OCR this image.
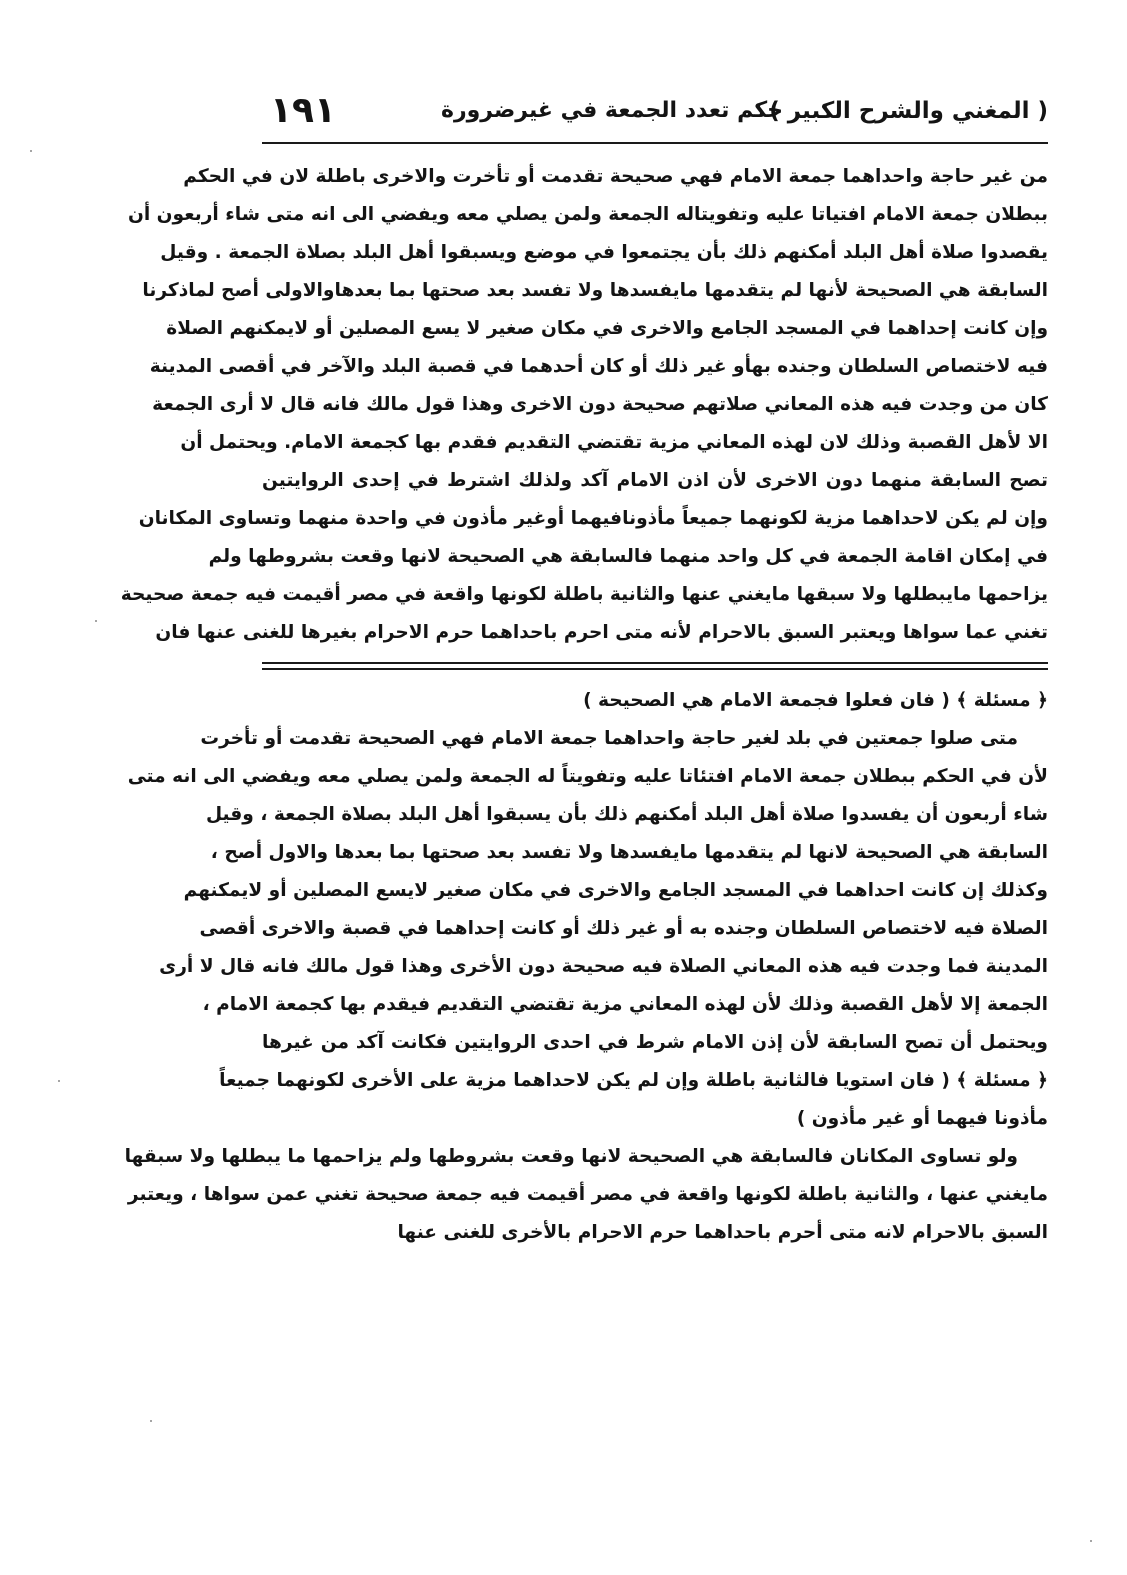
( المغني والشرح الكبير )
حكم تعدد الجمعة في غيرضرورة
١٩١
من غير حاجة واحداهما جمعة الامام فهي صحيحة تقدمت أو تأخرت والاخرى باطلة لان في الحكم
ببطلان جمعة الامام افتياتا عليه وتفويتاله الجمعة ولمن يصلي معه ويفضي الى انه متى شاء أربعون أن
يقصدوا صلاة أهل البلد أمكنهم ذلك بأن يجتمعوا في موضع ويسبقوا أهل البلد بصلاة الجمعة . وقيل
السابقة هي الصحيحة لأنها لم يتقدمها مايفسدها ولا تفسد بعد صحتها بما بعدهاوالاولى أصح لماذكرنا
وإن كانت إحداهما في المسجد الجامع والاخرى في مكان صغير لا يسع المصلين أو لايمكنهم الصلاة
فيه لاختصاص السلطان وجنده بهأو غير ذلك أو كان أحدهما في قصبة البلد والآخر في أقصى المدينة
كان من وجدت فيه هذه المعاني صلاتهم صحيحة دون الاخرى وهذا قول مالك فانه قال لا أرى الجمعة
الا لأهل القصبة وذلك لان لهذه المعاني مزية تقتضي التقديم فقدم بها كجمعة الامام. ويحتمل أن
تصح السابقة منهما دون الاخرى لأن اذن الامام آكد ولذلك اشترط في إحدى الروايتين
وإن لم يكن لاحداهما مزية لكونهما جميعاً مأذونافيهما أوغير مأذون في واحدة منهما وتساوى المكانان
في إمكان اقامة الجمعة في كل واحد منهما فالسابقة هي الصحيحة لانها وقعت بشروطها ولم
يزاحمها مايبطلها ولا سبقها مايغني عنها والثانية باطلة لكونها واقعة في مصر أقيمت فيه جمعة صحيحة
تغني عما سواها ويعتبر السبق بالاحرام لأنه متى احرم باحداهما حرم الاحرام بغيرها للغنى عنها فان
﴿ مسئلة ﴾ ( فان فعلوا فجمعة الامام هي الصحيحة )
متى صلوا جمعتين في بلد لغير حاجة واحداهما جمعة الامام فهي الصحيحة تقدمت أو تأخرت
لأن في الحكم ببطلان جمعة الامام افتئاتا عليه وتفويتاً له الجمعة ولمن يصلي معه ويفضي الى انه متى
شاء أربعون أن يفسدوا صلاة أهل البلد أمكنهم ذلك بأن يسبقوا أهل البلد بصلاة الجمعة ، وقيل
السابقة هي الصحيحة لانها لم يتقدمها مايفسدها ولا تفسد بعد صحتها بما بعدها والاول أصح ،
وكذلك إن كانت احداهما في المسجد الجامع والاخرى في مكان صغير لايسع المصلين أو لايمكنهم
الصلاة فيه لاختصاص السلطان وجنده به أو غير ذلك أو كانت إحداهما في قصبة والاخرى أقصى
المدينة فما وجدت فيه هذه المعاني الصلاة فيه صحيحة دون الأخرى وهذا قول مالك فانه قال لا أرى
الجمعة إلا لأهل القصبة وذلك لأن لهذه المعاني مزية تقتضي التقديم فيقدم بها كجمعة الامام ،
ويحتمل أن تصح السابقة لأن إذن الامام شرط في احدى الروايتين فكانت آكد من غيرها
﴿ مسئلة ﴾ ( فان استويا فالثانية باطلة وإن لم يكن لاحداهما مزية على الأخرى لكونهما جميعاً
مأذونا فيهما أو غير مأذون )
ولو تساوى المكانان فالسابقة هي الصحيحة لانها وقعت بشروطها ولم يزاحمها ما يبطلها ولا سبقها
مايغني عنها ، والثانية باطلة لكونها واقعة في مصر أقيمت فيه جمعة صحيحة تغني عمن سواها ، ويعتبر
السبق بالاحرام لانه متى أحرم باحداهما حرم الاحرام بالأخرى للغنى عنها
